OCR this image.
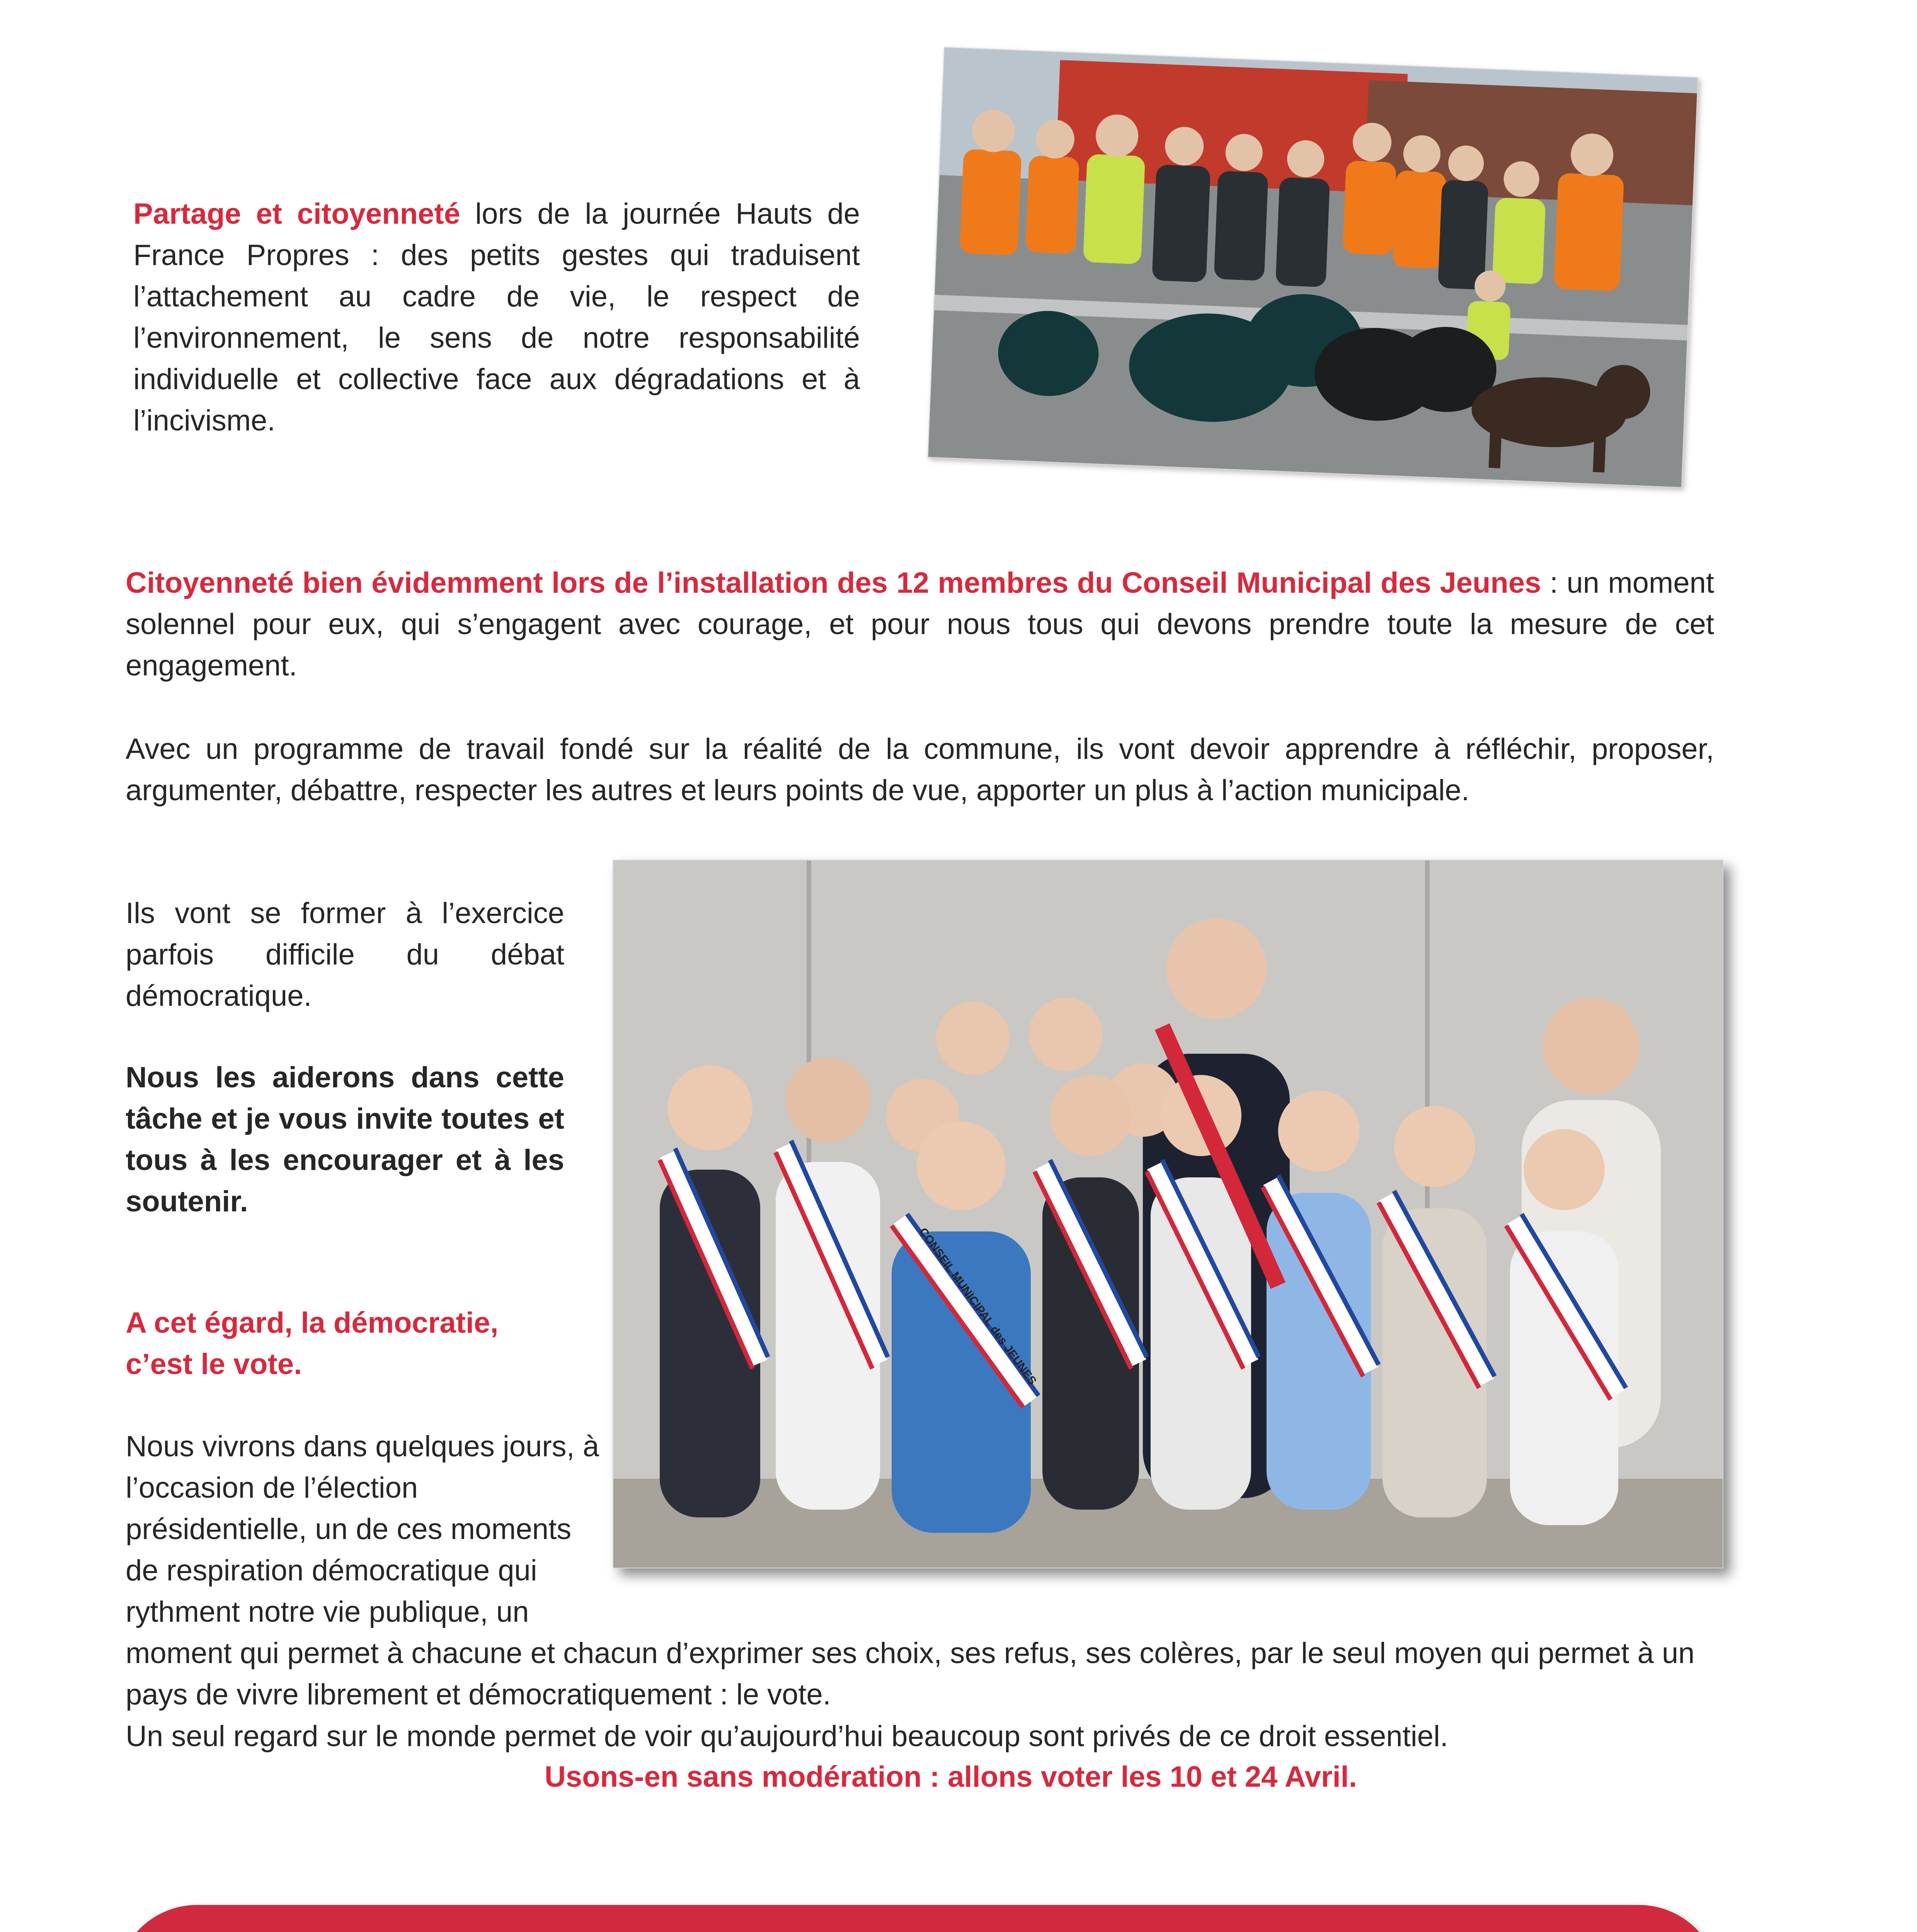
Partage et citoyenneté lors de la journée Hauts de France Propres : des petits gestes qui traduisent l’attachement au cadre de vie, le respect de l’environnement, le sens de notre responsabilité individuelle et collective face aux dégradations et à l’incivisme.

Citoyenneté bien évidemment lors de l’installation des 12 membres du Conseil Municipal des Jeunes : un moment solennel pour eux, qui s’engagent avec courage, et pour nous tous qui devons prendre toute la mesure de cet engagement.

Avec un programme de travail fondé sur la réalité de la commune, ils vont devoir apprendre à réfléchir, proposer, argumenter, débattre, respecter les autres et leurs points de vue, apporter un plus à l’action municipale.

CONSEIL MUNICIPAL des JEUNES

Ils vont se former à l’exercice parfois difficile du débat démocratique.

Nous les aiderons dans cette tâche et je vous invite toutes et tous à les encourager et à les soutenir.

A cet égard, la démocratie, c’est le vote.

Nous vivrons dans quelques jours, à l’occasion de l’élection présidentielle, un de ces moments de respiration démocratique qui rythment notre vie publique, un moment qui permet à chacune et chacun d’exprimer ses choix, ses refus, ses colères, par le seul moyen qui permet à un pays de vivre librement et démocratiquement : le vote.

Un seul regard sur le monde permet de voir qu’aujourd’hui beaucoup sont privés de ce droit essentiel.

Usons-en sans modération : allons voter les 10 et 24 Avril.
